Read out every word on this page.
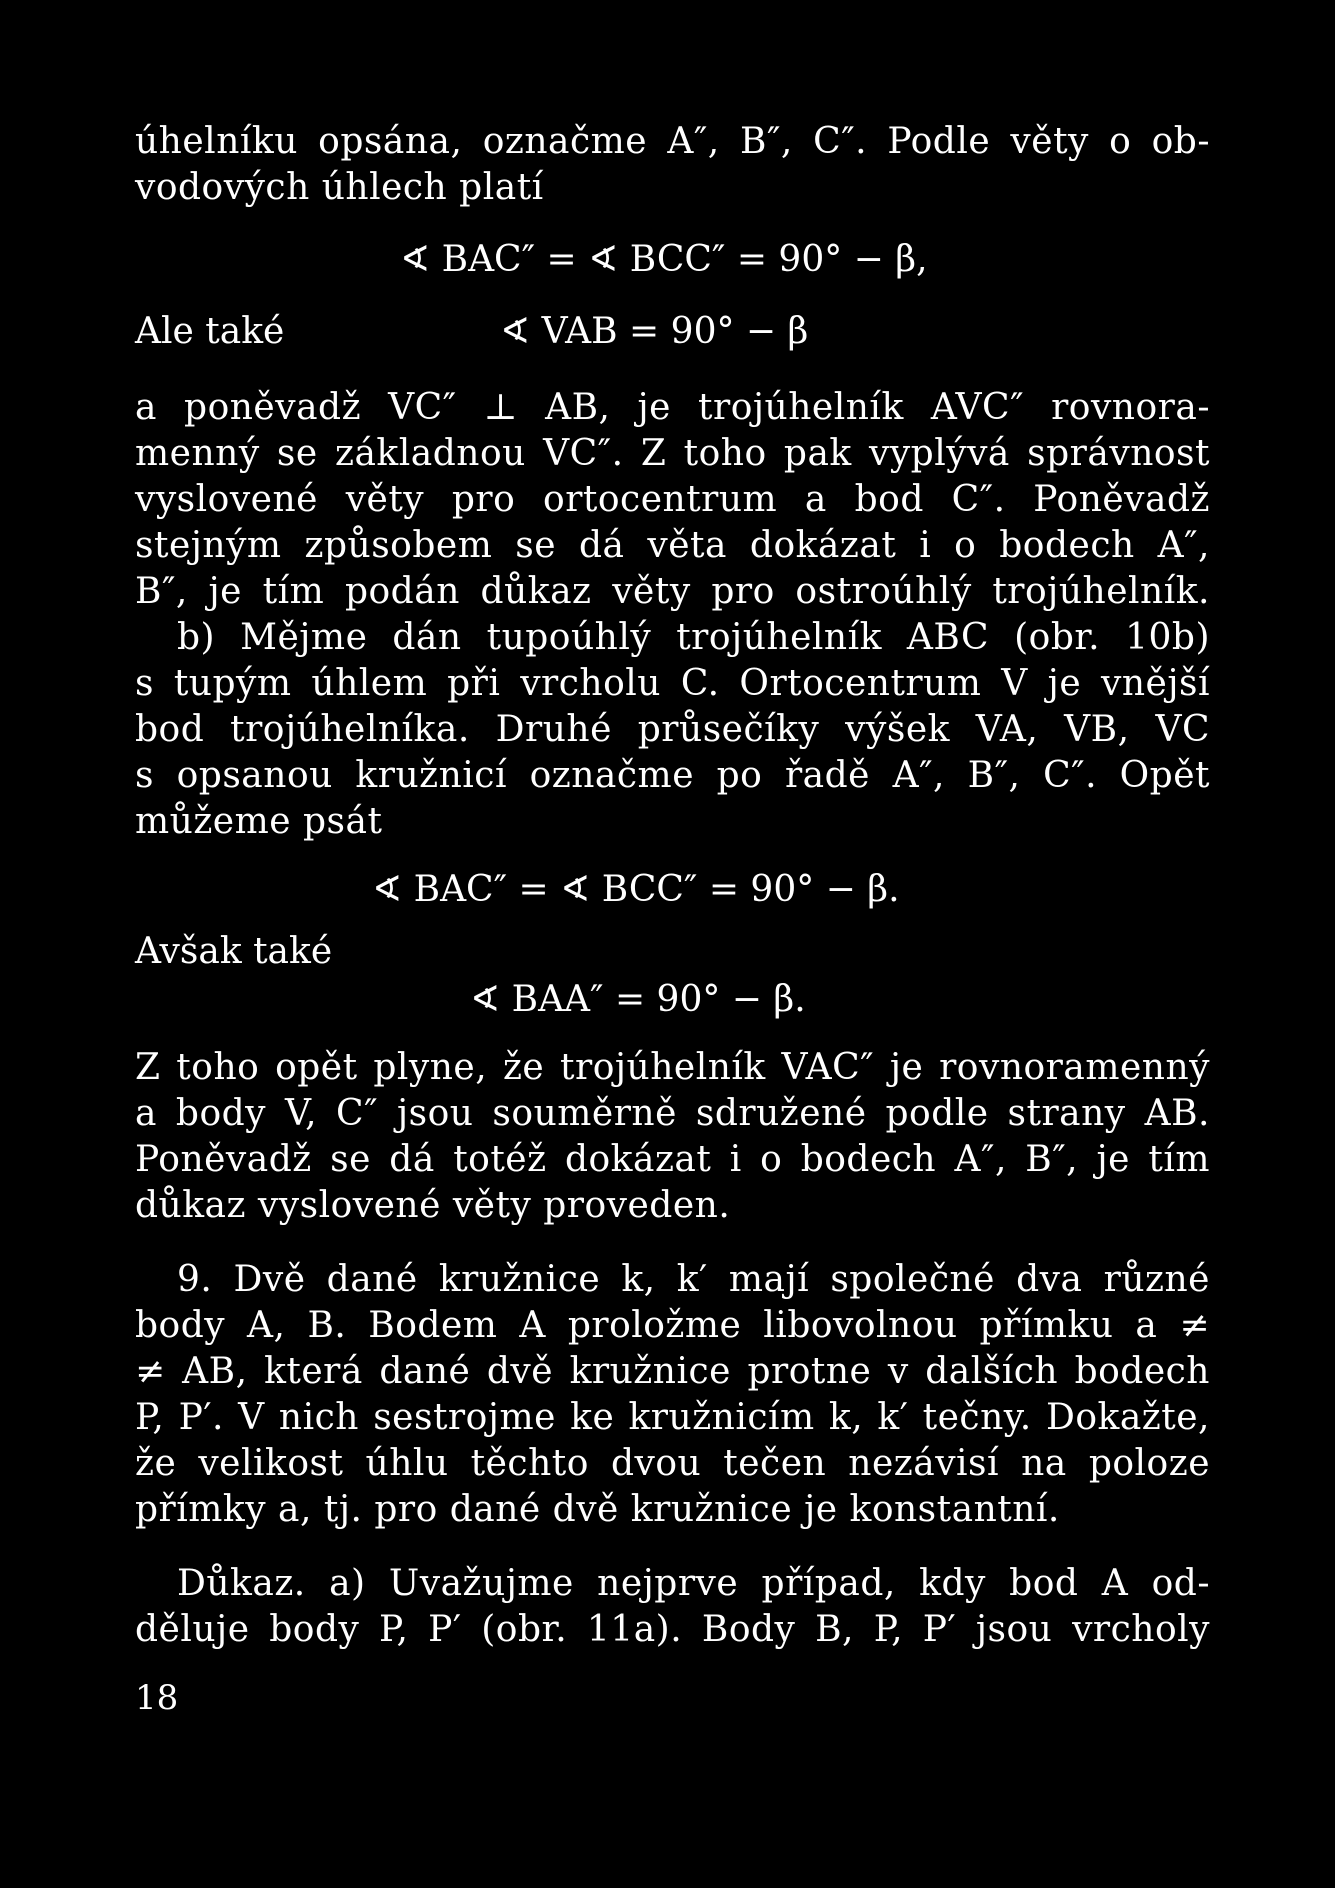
úhelníku opsána, označme A″, B″, C″. Podle věty o ob-
vodových úhlech platí
∢ BAC″ = ∢ BCC″ = 90° − β,
Ale také	∢ VAB = 90° − β
a poněvadž VC″ ⊥ AB, je trojúhelník AVC″ rovnora-
menný se základnou VC″. Z toho pak vyplývá správnost
vyslovené věty pro ortocentrum a bod C″. Poněvadž
stejným způsobem se dá věta dokázat i o bodech A″,
B″, je tím podán důkaz věty pro ostroúhlý trojúhelník.
b) Mějme dán tupoúhlý trojúhelník ABC (obr. 10b)
s tupým úhlem při vrcholu C. Ortocentrum V je vnější
bod trojúhelníka. Druhé průsečíky výšek VA, VB, VC
s opsanou kružnicí označme po řadě A″, B″, C″. Opět
můžeme psát
∢ BAC″ = ∢ BCC″ = 90° − β.
Avšak také
∢ BAA″ = 90° − β.
Z toho opět plyne, že trojúhelník VAC″ je rovnoramenný
a body V, C″ jsou souměrně sdružené podle strany AB.
Poněvadž se dá totéž dokázat i o bodech A″, B″, je tím
důkaz vyslovené věty proveden.
9. Dvě dané kružnice k, k′ mají společné dva různé
body A, B. Bodem A proložme libovolnou přímku a ≠
≠ AB, která dané dvě kružnice protne v dalších bodech
P, P′. V nich sestrojme ke kružnicím k, k′ tečny. Dokažte,
že velikost úhlu těchto dvou tečen nezávisí na poloze
přímky a, tj. pro dané dvě kružnice je konstantní.
Důkaz. a) Uvažujme nejprve případ, kdy bod A od-
děluje body P, P′ (obr. 11a). Body B, P, P′ jsou vrcholy
18
